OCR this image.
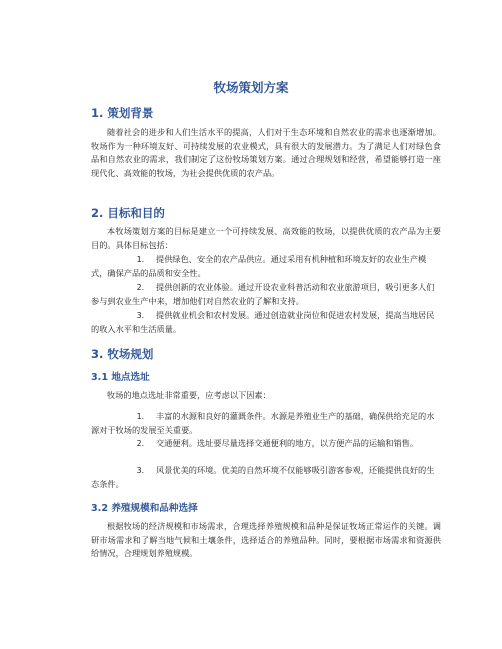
牧场策划方案
1. 策划背景

随着社会的进步和人们生活水平的提高，人们对于生态环境和自然农业的需求也逐渐增加。牧场作为一种环境友好、可持续发展的农业模式，具有很大的发展潜力。为了满足人们对绿色食品和自然农业的需求，我们制定了这份牧场策划方案。通过合理规划和经营，希望能够打造一座现代化、高效能的牧场，为社会提供优质的农产品。

2. 目标和目的

本牧场策划方案的目标是建立一个可持续发展、高效能的牧场，以提供优质的农产品为主要目的。具体目标包括：

1. 提供绿色、安全的农产品供应。通过采用有机种植和环境友好的农业生产模式，确保产品的品质和安全性。
2. 提供创新的农业体验。通过开设农业科普活动和农业旅游项目，吸引更多人们参与到农业生产中来，增加他们对自然农业的了解和支持。
3. 提供就业机会和农村发展。通过创造就业岗位和促进农村发展，提高当地居民的收入水平和生活质量。
3. 牧场规划
3.1 地点选址

牧场的地点选址非常重要，应考虑以下因素：

1. 丰富的水源和良好的灌溉条件。水源是养殖业生产的基础，确保供给充足的水源对于牧场的发展至关重要。
2. 交通便利。选址要尽量选择交通便利的地方，以方便产品的运输和销售。
3. 风景优美的环境。优美的自然环境不仅能够吸引游客参观，还能提供良好的生态条件。
3.2 养殖规模和品种选择

根据牧场的经济规模和市场需求，合理选择养殖规模和品种是保证牧场正常运作的关键。调研市场需求和了解当地气候和土壤条件，选择适合的养殖品种。同时，要根据市场需求和资源供给情况，合理规划养殖规模。
